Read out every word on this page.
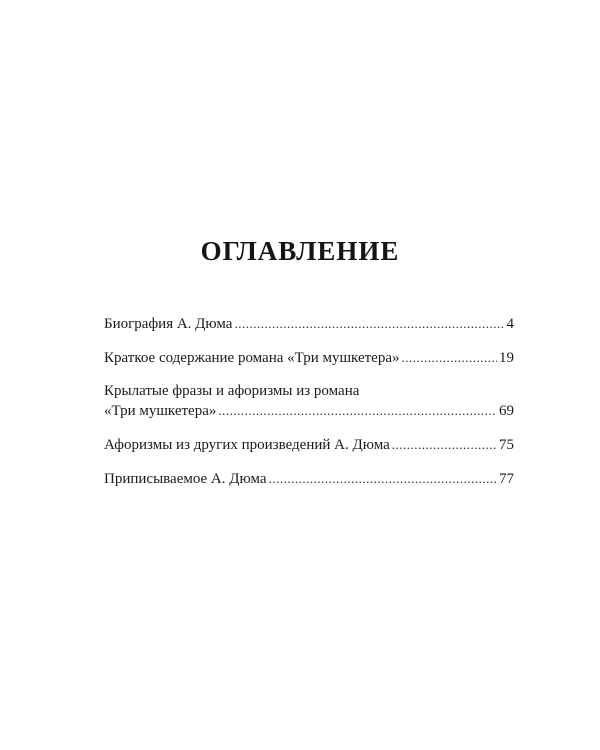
ОГЛАВЛЕНИЕ
Биография А. Дюма .....	4
Краткое содержание романа «Три мушкетера» .....	19
Крылатые фразы и афоризмы из романа
«Три мушкетера» .....	69
Афоризмы из других произведений А. Дюма .....	75
Приписываемое А. Дюма .....	77
